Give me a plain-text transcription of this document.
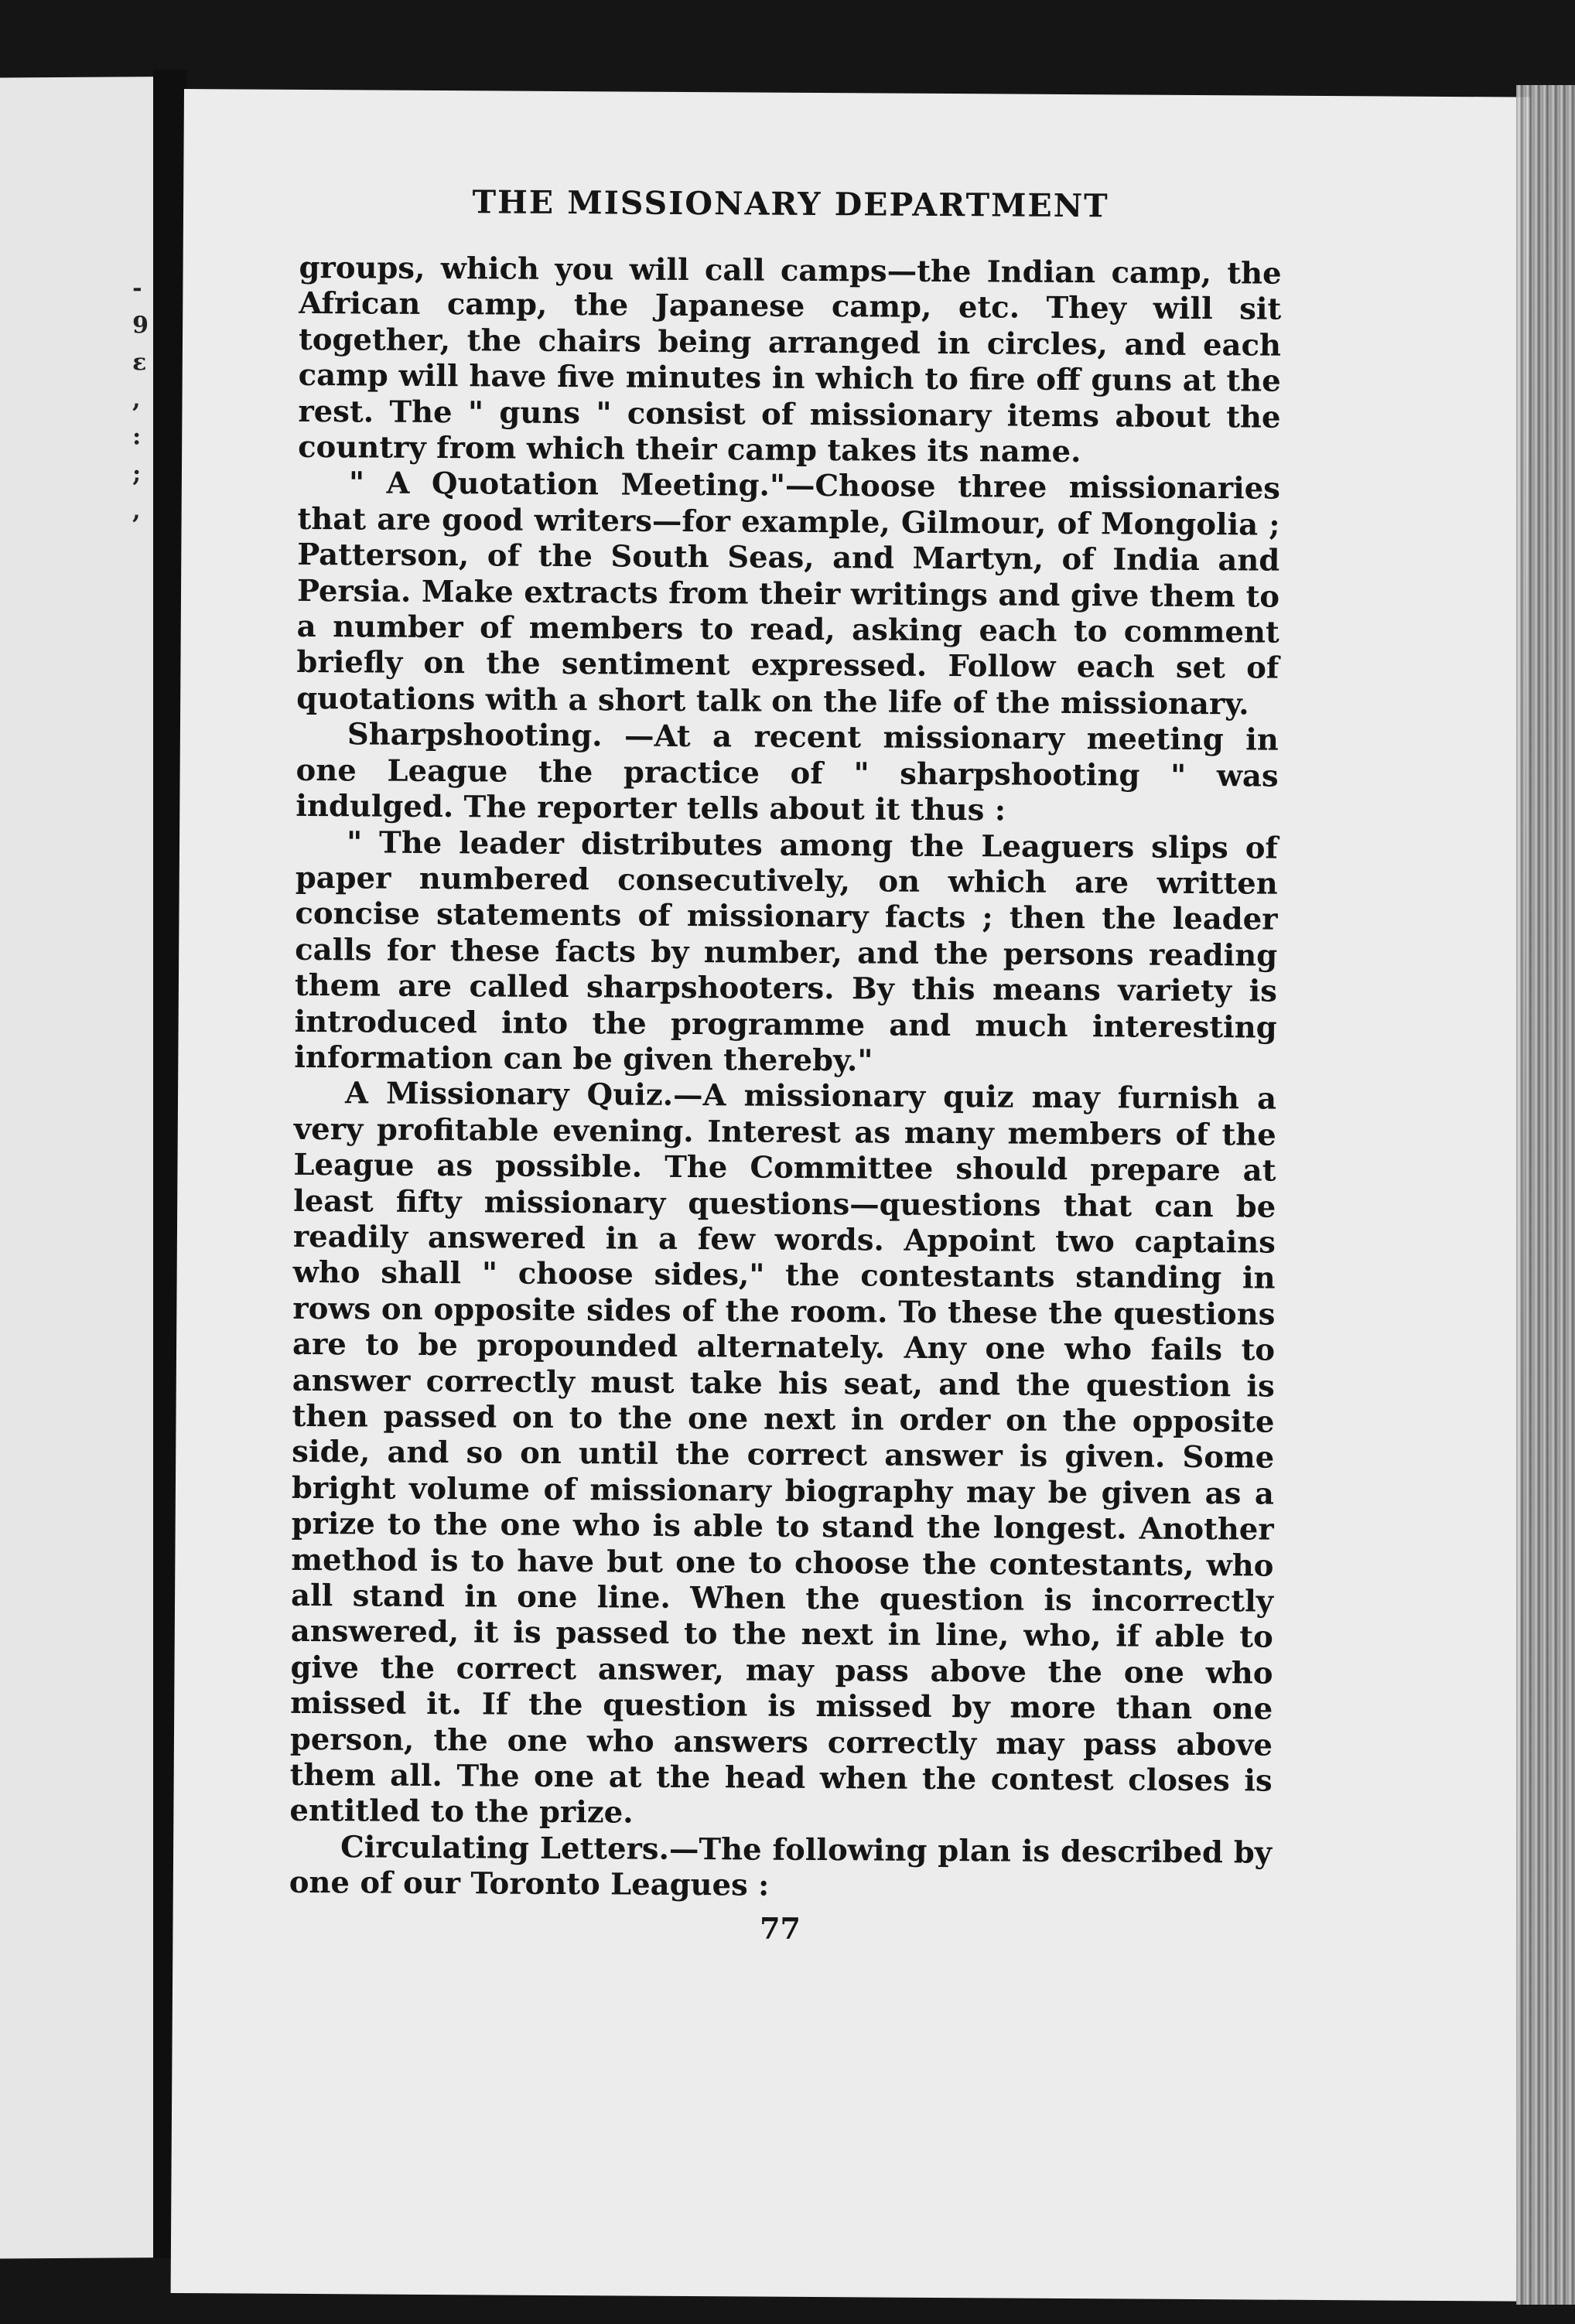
-
9
ε
,
:
;
,
THE MISSIONARY DEPARTMENT

groups, which you will call camps—the Indian camp, the African camp, the Japanese camp, etc. They will sit together, the chairs being arranged in circles, and each camp will have five minutes in which to fire off guns at the rest. The " guns " consist of missionary items about the country from which their camp takes its name.

" A Quotation Meeting."—Choose three missionaries that are good writers—for example, Gilmour, of Mongolia ; Patterson, of the South Seas, and Martyn, of India and Persia. Make extracts from their writings and give them to a number of members to read, asking each to comment briefly on the sentiment expressed. Follow each set of quotations with a short talk on the life of the missionary.

Sharpshooting. —At a recent missionary meeting in one League the practice of " sharpshooting " was indulged. The reporter tells about it thus :

" The leader distributes among the Leaguers slips of paper numbered consecutively, on which are written concise statements of missionary facts ; then the leader calls for these facts by number, and the persons reading them are called sharpshooters. By this means variety is introduced into the programme and much interesting information can be given thereby."

A Missionary Quiz.—A missionary quiz may furnish a very profitable evening. Interest as many members of the League as possible. The Committee should prepare at least fifty missionary questions—questions that can be readily answered in a few words. Appoint two captains who shall " choose sides," the contestants standing in rows on opposite sides of the room. To these the questions are to be propounded alternately. Any one who fails to answer correctly must take his seat, and the question is then passed on to the one next in order on the opposite side, and so on until the correct answer is given. Some bright volume of missionary biography may be given as a prize to the one who is able to stand the longest. Another method is to have but one to choose the contestants, who all stand in one line. When the question is incorrectly answered, it is passed to the next in line, who, if able to give the correct answer, may pass above the one who missed it. If the question is missed by more than one person, the one who answers correctly may pass above them all. The one at the head when the contest closes is entitled to the prize.

Circulating Letters.—The following plan is described by one of our Toronto Leagues :

77
